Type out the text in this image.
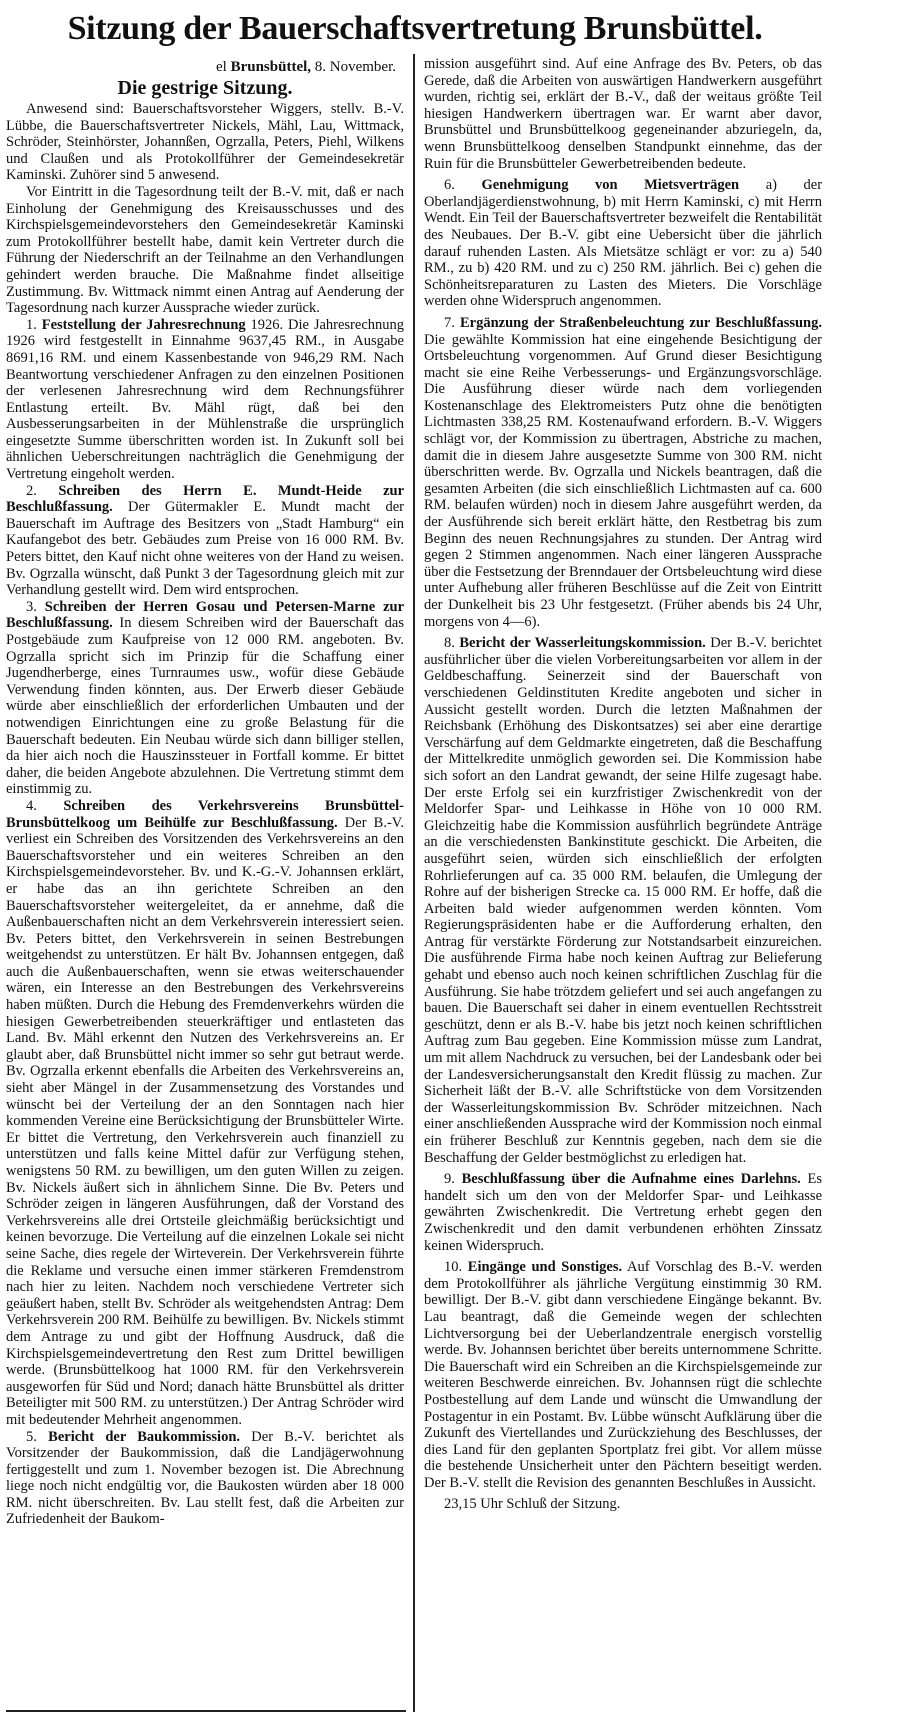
Sitzung der Bauerschaftsvertretung Brunsbüttel.
el Brunsbüttel, 8. November.
Die gestrige Sitzung.

Anwesend sind: Bauerschaftsvorsteher Wiggers, stellv. B.-V. Lübbe, die Bauerschaftsvertreter Nickels, Mähl, Lau, Wittmack, Schröder, Steinhörster, Johannßen, Ogrzalla, Peters, Piehl, Wilkens und Claußen und als Protokollführer der Gemeindesekretär Kaminski. Zuhörer sind 5 anwesend.

Vor Eintritt in die Tagesordnung teilt der B.-V. mit, daß er nach Einholung der Genehmigung des Kreisausschusses und des Kirchspielsgemeindevorstehers den Gemeindesekretär Kaminski zum Protokollführer bestellt habe, damit kein Vertreter durch die Führung der Niederschrift an der Teilnahme an den Verhandlungen gehindert werden brauche. Die Maßnahme findet allseitige Zustimmung. Bv. Wittmack nimmt einen Antrag auf Aenderung der Tagesordnung nach kurzer Aussprache wieder zurück.

1. Feststellung der Jahresrechnung 1926. Die Jahresrechnung 1926 wird festgestellt in Einnahme 9637,45 RM., in Ausgabe 8691,16 RM. und einem Kassenbestande von 946,29 RM. Nach Beantwortung verschiedener Anfragen zu den einzelnen Positionen der verlesenen Jahresrechnung wird dem Rechnungsführer Entlastung erteilt. Bv. Mähl rügt, daß bei den Ausbesserungsarbeiten in der Mühlenstraße die ursprünglich eingesetzte Summe überschritten worden ist. In Zukunft soll bei ähnlichen Ueberschreitungen nachträglich die Genehmigung der Vertretung eingeholt werden.

2. Schreiben des Herrn E. Mundt-Heide zur Beschlußfassung. Der Gütermakler E. Mundt macht der Bauerschaft im Auftrage des Besitzers von „Stadt Hamburg“ ein Kaufangebot des betr. Gebäudes zum Preise von 16 000 RM. Bv. Peters bittet, den Kauf nicht ohne weiteres von der Hand zu weisen. Bv. Ogrzalla wünscht, daß Punkt 3 der Tagesordnung gleich mit zur Verhandlung gestellt wird. Dem wird entsprochen.

3. Schreiben der Herren Gosau und Petersen-Marne zur Beschlußfassung. In diesem Schreiben wird der Bauerschaft das Postgebäude zum Kaufpreise von 12 000 RM. angeboten. Bv. Ogrzalla spricht sich im Prinzip für die Schaffung einer Jugendherberge, eines Turnraumes usw., wofür diese Gebäude Verwendung finden könnten, aus. Der Erwerb dieser Gebäude würde aber einschließlich der erforderlichen Umbauten und der notwendigen Einrichtungen eine zu große Belastung für die Bauerschaft bedeuten. Ein Neubau würde sich dann billiger stellen, da hier aich noch die Hauszinssteuer in Fortfall komme. Er bittet daher, die beiden Angebote abzulehnen. Die Vertretung stimmt dem einstimmig zu.

4. Schreiben des Verkehrsvereins Brunsbüttel-Brunsbüttelkoog um Beihülfe zur Beschlußfassung. Der B.-V. verliest ein Schreiben des Vorsitzenden des Verkehrsvereins an den Bauerschaftsvorsteher und ein weiteres Schreiben an den Kirchspielsgemeindevorsteher. Bv. und K.-G.-V. Johannsen erklärt, er habe das an ihn gerichtete Schreiben an den Bauerschaftsvorsteher weitergeleitet, da er annehme, daß die Außenbauerschaften nicht an dem Verkehrsverein interessiert seien. Bv. Peters bittet, den Verkehrsverein in seinen Bestrebungen weitgehendst zu unterstützen. Er hält Bv. Johannsen entgegen, daß auch die Außenbauerschaften, wenn sie etwas weiterschauender wären, ein Interesse an den Bestrebungen des Verkehrsvereins haben müßten. Durch die Hebung des Fremdenverkehrs würden die hiesigen Gewerbetreibenden steuerkräftiger und entlasteten das Land. Bv. Mähl erkennt den Nutzen des Verkehrsvereins an. Er glaubt aber, daß Brunsbüttel nicht immer so sehr gut betraut werde. Bv. Ogrzalla erkennt ebenfalls die Arbeiten des Verkehrsvereins an, sieht aber Mängel in der Zusammensetzung des Vorstandes und wünscht bei der Verteilung der an den Sonntagen nach hier kommenden Vereine eine Berücksichtigung der Brunsbütteler Wirte. Er bittet die Vertretung, den Verkehrsverein auch finanziell zu unterstützen und falls keine Mittel dafür zur Verfügung stehen, wenigstens 50 RM. zu bewilligen, um den guten Willen zu zeigen. Bv. Nickels äußert sich in ähnlichem Sinne. Die Bv. Peters und Schröder zeigen in längeren Ausführungen, daß der Vorstand des Verkehrsvereins alle drei Ortsteile gleichmäßig berücksichtigt und keinen bevorzuge. Die Verteilung auf die einzelnen Lokale sei nicht seine Sache, dies regele der Wirteverein. Der Verkehrsverein führte die Reklame und versuche einen immer stärkeren Fremdenstrom nach hier zu leiten. Nachdem noch verschiedene Vertreter sich geäußert haben, stellt Bv. Schröder als weitgehendsten Antrag: Dem Verkehrsverein 200 RM. Beihülfe zu bewilligen. Bv. Nickels stimmt dem Antrage zu und gibt der Hoffnung Ausdruck, daß die Kirchspielsgemeindevertretung den Rest zum Drittel bewilligen werde. (Brunsbüttelkoog hat 1000 RM. für den Verkehrsverein ausgeworfen für Süd und Nord; danach hätte Brunsbüttel als dritter Beteiligter mit 500 RM. zu unterstützen.) Der Antrag Schröder wird mit bedeutender Mehrheit angenommen.

5. Bericht der Baukommission. Der B.-V. berichtet als Vorsitzender der Baukommission, daß die Landjägerwohnung fertiggestellt und zum 1. November bezogen ist. Die Abrechnung liege noch nicht endgültig vor, die Baukosten würden aber 18 000 RM. nicht überschreiten. Bv. Lau stellt fest, daß die Arbeiten zur Zufriedenheit der Baukom-

mission ausgeführt sind. Auf eine Anfrage des Bv. Peters, ob das Gerede, daß die Arbeiten von auswärtigen Handwerkern ausgeführt wurden, richtig sei, erklärt der B.-V., daß der weitaus größte Teil hiesigen Handwerkern übertragen war. Er warnt aber davor, Brunsbüttel und Brunsbüttelkoog gegeneinander abzuriegeln, da, wenn Brunsbüttelkoog denselben Standpunkt einnehme, das der Ruin für die Brunsbütteler Gewerbetreibenden bedeute.

6. Genehmigung von Mietsverträgen a) der Oberlandjägerdienstwohnung, b) mit Herrn Kaminski, c) mit Herrn Wendt. Ein Teil der Bauerschaftsvertreter bezweifelt die Rentabilität des Neubaues. Der B.-V. gibt eine Uebersicht über die jährlich darauf ruhenden Lasten. Als Mietsätze schlägt er vor: zu a) 540 RM., zu b) 420 RM. und zu c) 250 RM. jährlich. Bei c) gehen die Schönheitsreparaturen zu Lasten des Mieters. Die Vorschläge werden ohne Widerspruch angenommen.

7. Ergänzung der Straßenbeleuchtung zur Beschlußfassung. Die gewählte Kommission hat eine eingehende Besichtigung der Ortsbeleuchtung vorgenommen. Auf Grund dieser Besichtigung macht sie eine Reihe Verbesserungs- und Ergänzungsvorschläge. Die Ausführung dieser würde nach dem vorliegenden Kostenanschlage des Elektromeisters Putz ohne die benötigten Lichtmasten 338,25 RM. Kostenaufwand erfordern. B.-V. Wiggers schlägt vor, der Kommission zu übertragen, Abstriche zu machen, damit die in diesem Jahre ausgesetzte Summe von 300 RM. nicht überschritten werde. Bv. Ogrzalla und Nickels beantragen, daß die gesamten Arbeiten (die sich einschließlich Lichtmasten auf ca. 600 RM. belaufen würden) noch in diesem Jahre ausgeführt werden, da der Ausführende sich bereit erklärt hätte, den Restbetrag bis zum Beginn des neuen Rechnungsjahres zu stunden. Der Antrag wird gegen 2 Stimmen angenommen. Nach einer längeren Aussprache über die Festsetzung der Brenndauer der Ortsbeleuchtung wird diese unter Aufhebung aller früheren Beschlüsse auf die Zeit von Eintritt der Dunkelheit bis 23 Uhr festgesetzt. (Früher abends bis 24 Uhr, morgens von 4—6).

8. Bericht der Wasserleitungskommission. Der B.-V. berichtet ausführlicher über die vielen Vorbereitungsarbeiten vor allem in der Geldbeschaffung. Seinerzeit sind der Bauerschaft von verschiedenen Geldinstituten Kredite angeboten und sicher in Aussicht gestellt worden. Durch die letzten Maßnahmen der Reichsbank (Erhöhung des Diskontsatzes) sei aber eine derartige Verschärfung auf dem Geldmarkte eingetreten, daß die Beschaffung der Mittelkredite unmöglich geworden sei. Die Kommission habe sich sofort an den Landrat gewandt, der seine Hilfe zugesagt habe. Der erste Erfolg sei ein kurzfristiger Zwischenkredit von der Meldorfer Spar- und Leihkasse in Höhe von 10 000 RM. Gleichzeitig habe die Kommission ausführlich begründete Anträge an die verschiedensten Bankinstitute geschickt. Die Arbeiten, die ausgeführt seien, würden sich einschließlich der erfolgten Rohrlieferungen auf ca. 35 000 RM. belaufen, die Umlegung der Rohre auf der bisherigen Strecke ca. 15 000 RM. Er hoffe, daß die Arbeiten bald wieder aufgenommen werden könnten. Vom Regierungspräsidenten habe er die Aufforderung erhalten, den Antrag für verstärkte Förderung zur Notstandsarbeit einzureichen. Die ausführende Firma habe noch keinen Auftrag zur Belieferung gehabt und ebenso auch noch keinen schriftlichen Zuschlag für die Ausführung. Sie habe trötzdem geliefert und sei auch angefangen zu bauen. Die Bauerschaft sei daher in einem eventuellen Rechtsstreit geschützt, denn er als B.-V. habe bis jetzt noch keinen schriftlichen Auftrag zum Bau gegeben. Eine Kommission müsse zum Landrat, um mit allem Nachdruck zu versuchen, bei der Landesbank oder bei der Landesversicherungsanstalt den Kredit flüssig zu machen. Zur Sicherheit läßt der B.-V. alle Schriftstücke von dem Vorsitzenden der Wasserleitungskommission Bv. Schröder mitzeichnen. Nach einer anschließenden Aussprache wird der Kommission noch einmal ein früherer Beschluß zur Kenntnis gegeben, nach dem sie die Beschaffung der Gelder bestmöglichst zu erledigen hat.

9. Beschlußfassung über die Aufnahme eines Darlehns. Es handelt sich um den von der Meldorfer Spar- und Leihkasse gewährten Zwischenkredit. Die Vertretung erhebt gegen den Zwischenkredit und den damit verbundenen erhöhten Zinssatz keinen Widerspruch.

10. Eingänge und Sonstiges. Auf Vorschlag des B.-V. werden dem Protokollführer als jährliche Vergütung einstimmig 30 RM. bewilligt. Der B.-V. gibt dann verschiedene Eingänge bekannt. Bv. Lau beantragt, daß die Gemeinde wegen der schlechten Lichtversorgung bei der Ueberlandzentrale energisch vorstellig werde. Bv. Johannsen berichtet über bereits unternommene Schritte. Die Bauerschaft wird ein Schreiben an die Kirchspielsgemeinde zur weiteren Beschwerde einreichen. Bv. Johannsen rügt die schlechte Postbestellung auf dem Lande und wünscht die Umwandlung der Postagentur in ein Postamt. Bv. Lübbe wünscht Aufklärung über die Zukunft des Viertellandes und Zurückziehung des Beschlusses, der dies Land für den geplanten Sportplatz frei gibt. Vor allem müsse die bestehende Unsicherheit unter den Pächtern beseitigt werden. Der B.-V. stellt die Revision des genannten Beschlußes in Aussicht.

23,15 Uhr Schluß der Sitzung.
